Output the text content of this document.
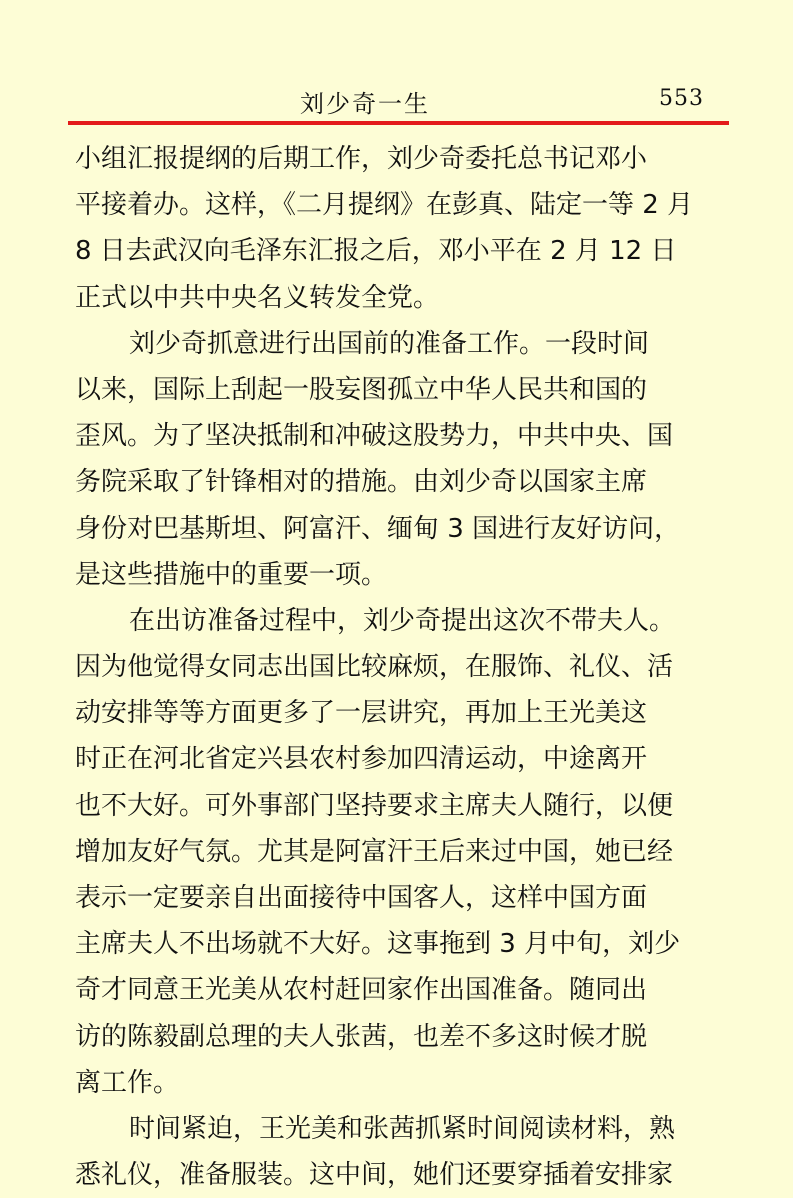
刘少奇一生	553
小组汇报提纲的后期工作，刘少奇委托总书记邓小
平接着办。这样，《二月提纲》在彭真、陆定一等 2 月
8 日去武汉向毛泽东汇报之后，邓小平在 2 月 12 日
正式以中共中央名义转发全党。
刘少奇抓意进行出国前的准备工作。一段时间
以来，国际上刮起一股妄图孤立中华人民共和国的
歪风。为了坚决抵制和冲破这股势力，中共中央、国
务院采取了针锋相对的措施。由刘少奇以国家主席
身份对巴基斯坦、阿富汗、缅甸 3 国进行友好访问，
是这些措施中的重要一项。
在出访准备过程中，刘少奇提出这次不带夫人。
因为他觉得女同志出国比较麻烦，在服饰、礼仪、活
动安排等等方面更多了一层讲究，再加上王光美这
时正在河北省定兴县农村参加四清运动，中途离开
也不大好。可外事部门坚持要求主席夫人随行，以便
增加友好气氛。尤其是阿富汗王后来过中国，她已经
表示一定要亲自出面接待中国客人，这样中国方面
主席夫人不出场就不大好。这事拖到 3 月中旬，刘少
奇才同意王光美从农村赶回家作出国准备。随同出
访的陈毅副总理的夫人张茜，也差不多这时候才脱
离工作。
时间紧迫，王光美和张茜抓紧时间阅读材料，熟
悉礼仪，准备服装。这中间，她们还要穿插着安排家
